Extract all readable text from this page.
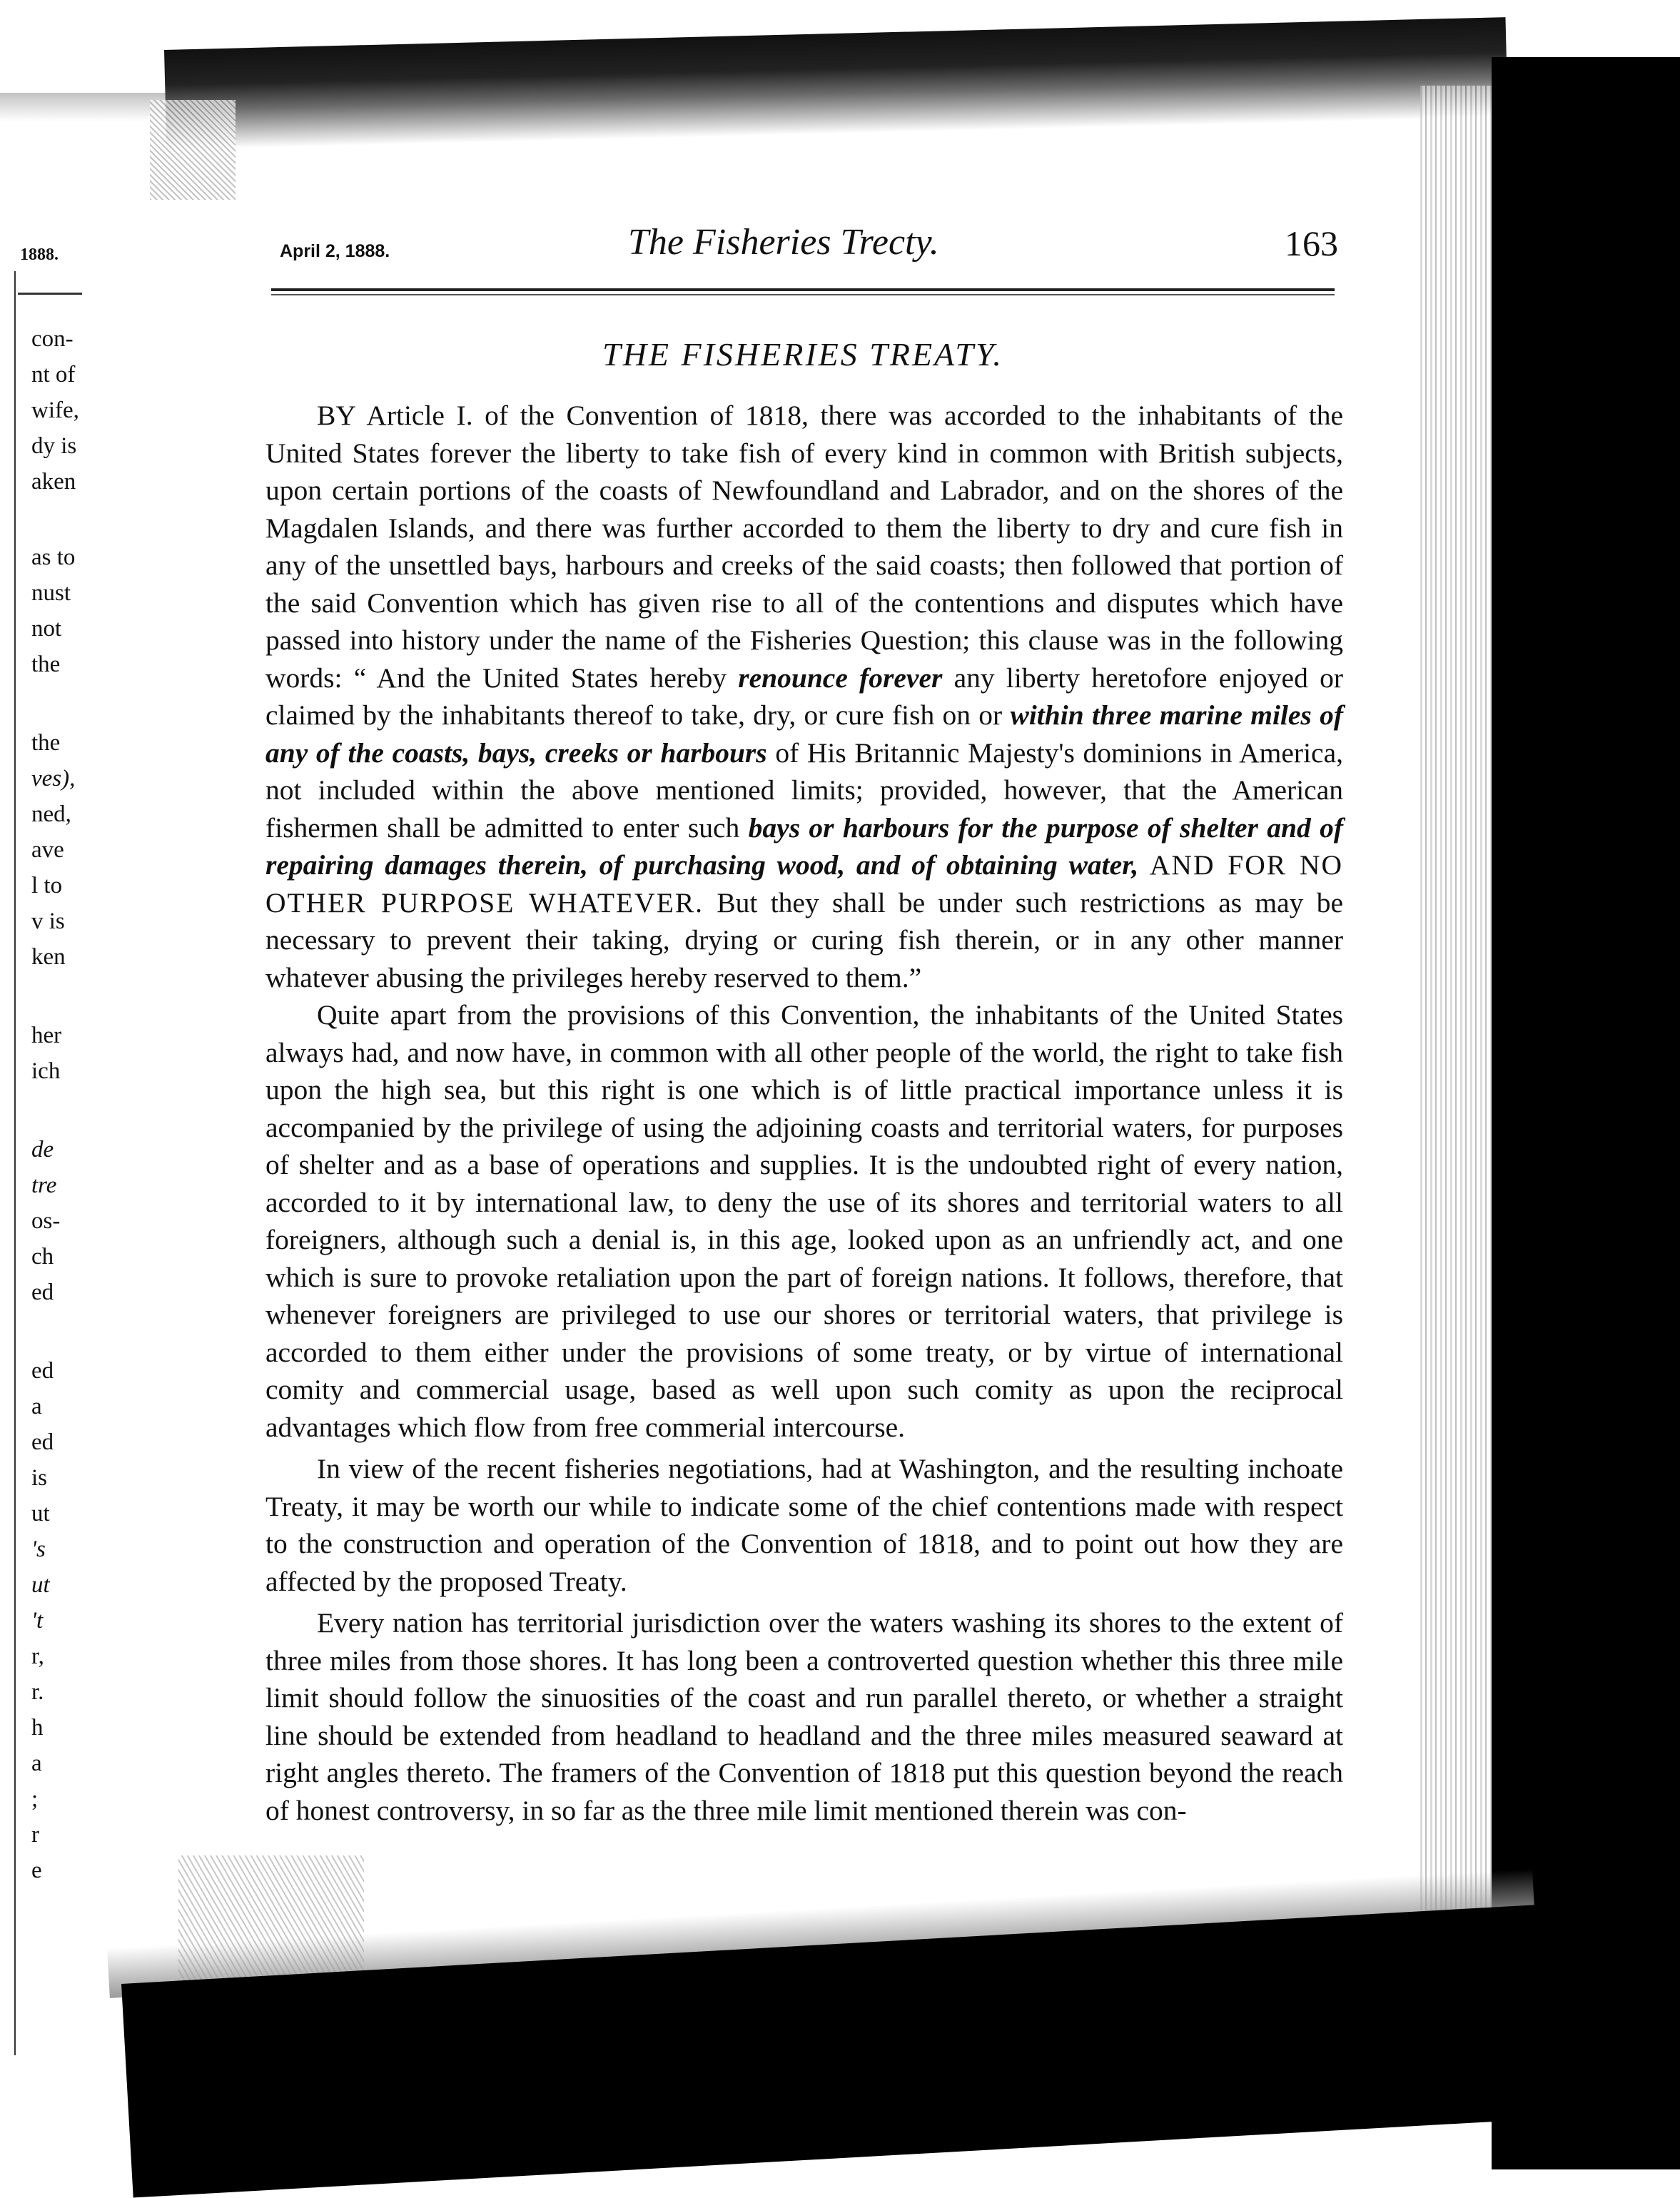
1888.
con-
nt of
wife,
dy is
aken
as to
nust
not
the
the
ves),
ned,
ave
l to
v is
ken
her
ich
de
tre
os-
ch
ed
ed
a
ed
is
ut
's
ut
't
r,
r.
h
a
;
r
e
April 2, 1888.	The Fisheries Trecty.	163
THE FISHERIES TREATY.

BY Article I. of the Convention of 1818, there was accorded to the inhabitants of the United States forever the liberty to take fish of every kind in common with British subjects, upon certain portions of the coasts of Newfoundland and Labrador, and on the shores of the Magdalen Islands, and there was further accorded to them the liberty to dry and cure fish in any of the unsettled bays, harbours and creeks of the said coasts; then followed that portion of the said Convention which has given rise to all of the contentions and disputes which have passed into history under the name of the Fisheries Question; this clause was in the following words: “ And the United States hereby renounce forever any liberty heretofore enjoyed or claimed by the inhabitants thereof to take, dry, or cure fish on or within three marine miles of any of the coasts, bays, creeks or harbours of His Britannic Majesty's dominions in America, not included within the above mentioned limits; provided, however, that the American fishermen shall be admitted to enter such bays or harbours for the purpose of shelter and of repairing damages therein, of purchasing wood, and of obtaining water, AND FOR NO OTHER PURPOSE WHATEVER. But they shall be under such restrictions as may be necessary to prevent their taking, drying or curing fish therein, or in any other manner whatever abusing the privileges hereby reserved to them.”

Quite apart from the provisions of this Convention, the inhabitants of the United States always had, and now have, in common with all other people of the world, the right to take fish upon the high sea, but this right is one which is of little practical importance unless it is accompanied by the privilege of using the adjoining coasts and territorial waters, for purposes of shelter and as a base of operations and supplies. It is the undoubted right of every nation, accorded to it by international law, to deny the use of its shores and territorial waters to all foreigners, although such a denial is, in this age, looked upon as an unfriendly act, and one which is sure to provoke retaliation upon the part of foreign nations. It follows, therefore, that whenever foreigners are privileged to use our shores or territorial waters, that privilege is accorded to them either under the provisions of some treaty, or by virtue of international comity and commercial usage, based as well upon such comity as upon the reciprocal advantages which flow from free commerial intercourse.

In view of the recent fisheries negotiations, had at Washington, and the resulting inchoate Treaty, it may be worth our while to indicate some of the chief contentions made with respect to the construction and operation of the Convention of 1818, and to point out how they are affected by the proposed Treaty.

Every nation has territorial jurisdiction over the waters washing its shores to the extent of three miles from those shores. It has long been a controverted question whether this three mile limit should follow the sinuosities of the coast and run parallel thereto, or whether a straight line should be extended from headland to headland and the three miles measured seaward at right angles thereto. The framers of the Convention of 1818 put this question beyond the reach of honest controversy, in so far as the three mile limit mentioned therein was con-
